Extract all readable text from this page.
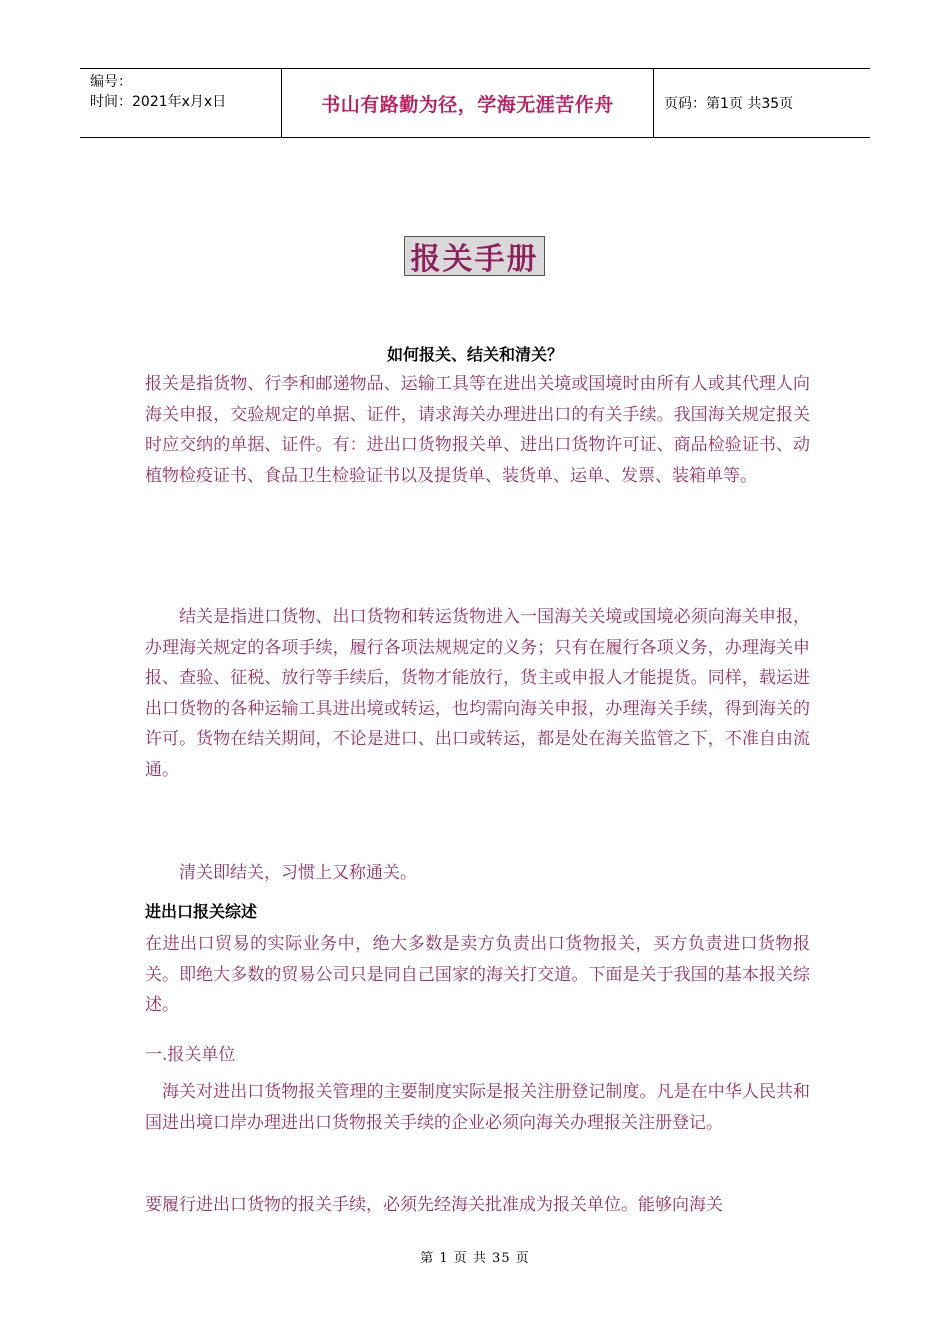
编号：
时间：2021年x月x日	书山有路勤为径，学海无涯苦作舟	页码：第1页 共35页
报关手册
如何报关、结关和清关？

报关是指货物、行李和邮递物品、运输工具等在进出关境或国境时由所有人或其代理人向海关申报，交验规定的单据、证件，请求海关办理进出口的有关手续。我国海关规定报关时应交纳的单据、证件。有：进出口货物报关单、进出口货物许可证、商品检验证书、动植物检疫证书、食品卫生检验证书以及提货单、装货单、运单、发票、装箱单等。

结关是指进口货物、出口货物和转运货物进入一国海关关境或国境必须向海关申报，办理海关规定的各项手续，履行各项法规规定的义务；只有在履行各项义务，办理海关申报、查验、征税、放行等手续后，货物才能放行，货主或申报人才能提货。同样，载运进出口货物的各种运输工具进出境或转运，也均需向海关申报，办理海关手续，得到海关的许可。货物在结关期间，不论是进口、出口或转运，都是处在海关监管之下，不准自由流通。

清关即结关，习惯上又称通关。

进出口报关综述

在进出口贸易的实际业务中，绝大多数是卖方负责出口货物报关，买方负责进口货物报关。即绝大多数的贸易公司只是同自己国家的海关打交道。下面是关于我国的基本报关综述。

一.报关单位

海关对进出口货物报关管理的主要制度实际是报关注册登记制度。凡是在中华人民共和国进出境口岸办理进出口货物报关手续的企业必须向海关办理报关注册登记。

要履行进出口货物的报关手续，必须先经海关批准成为报关单位。能够向海关

第 1 页 共 35 页
